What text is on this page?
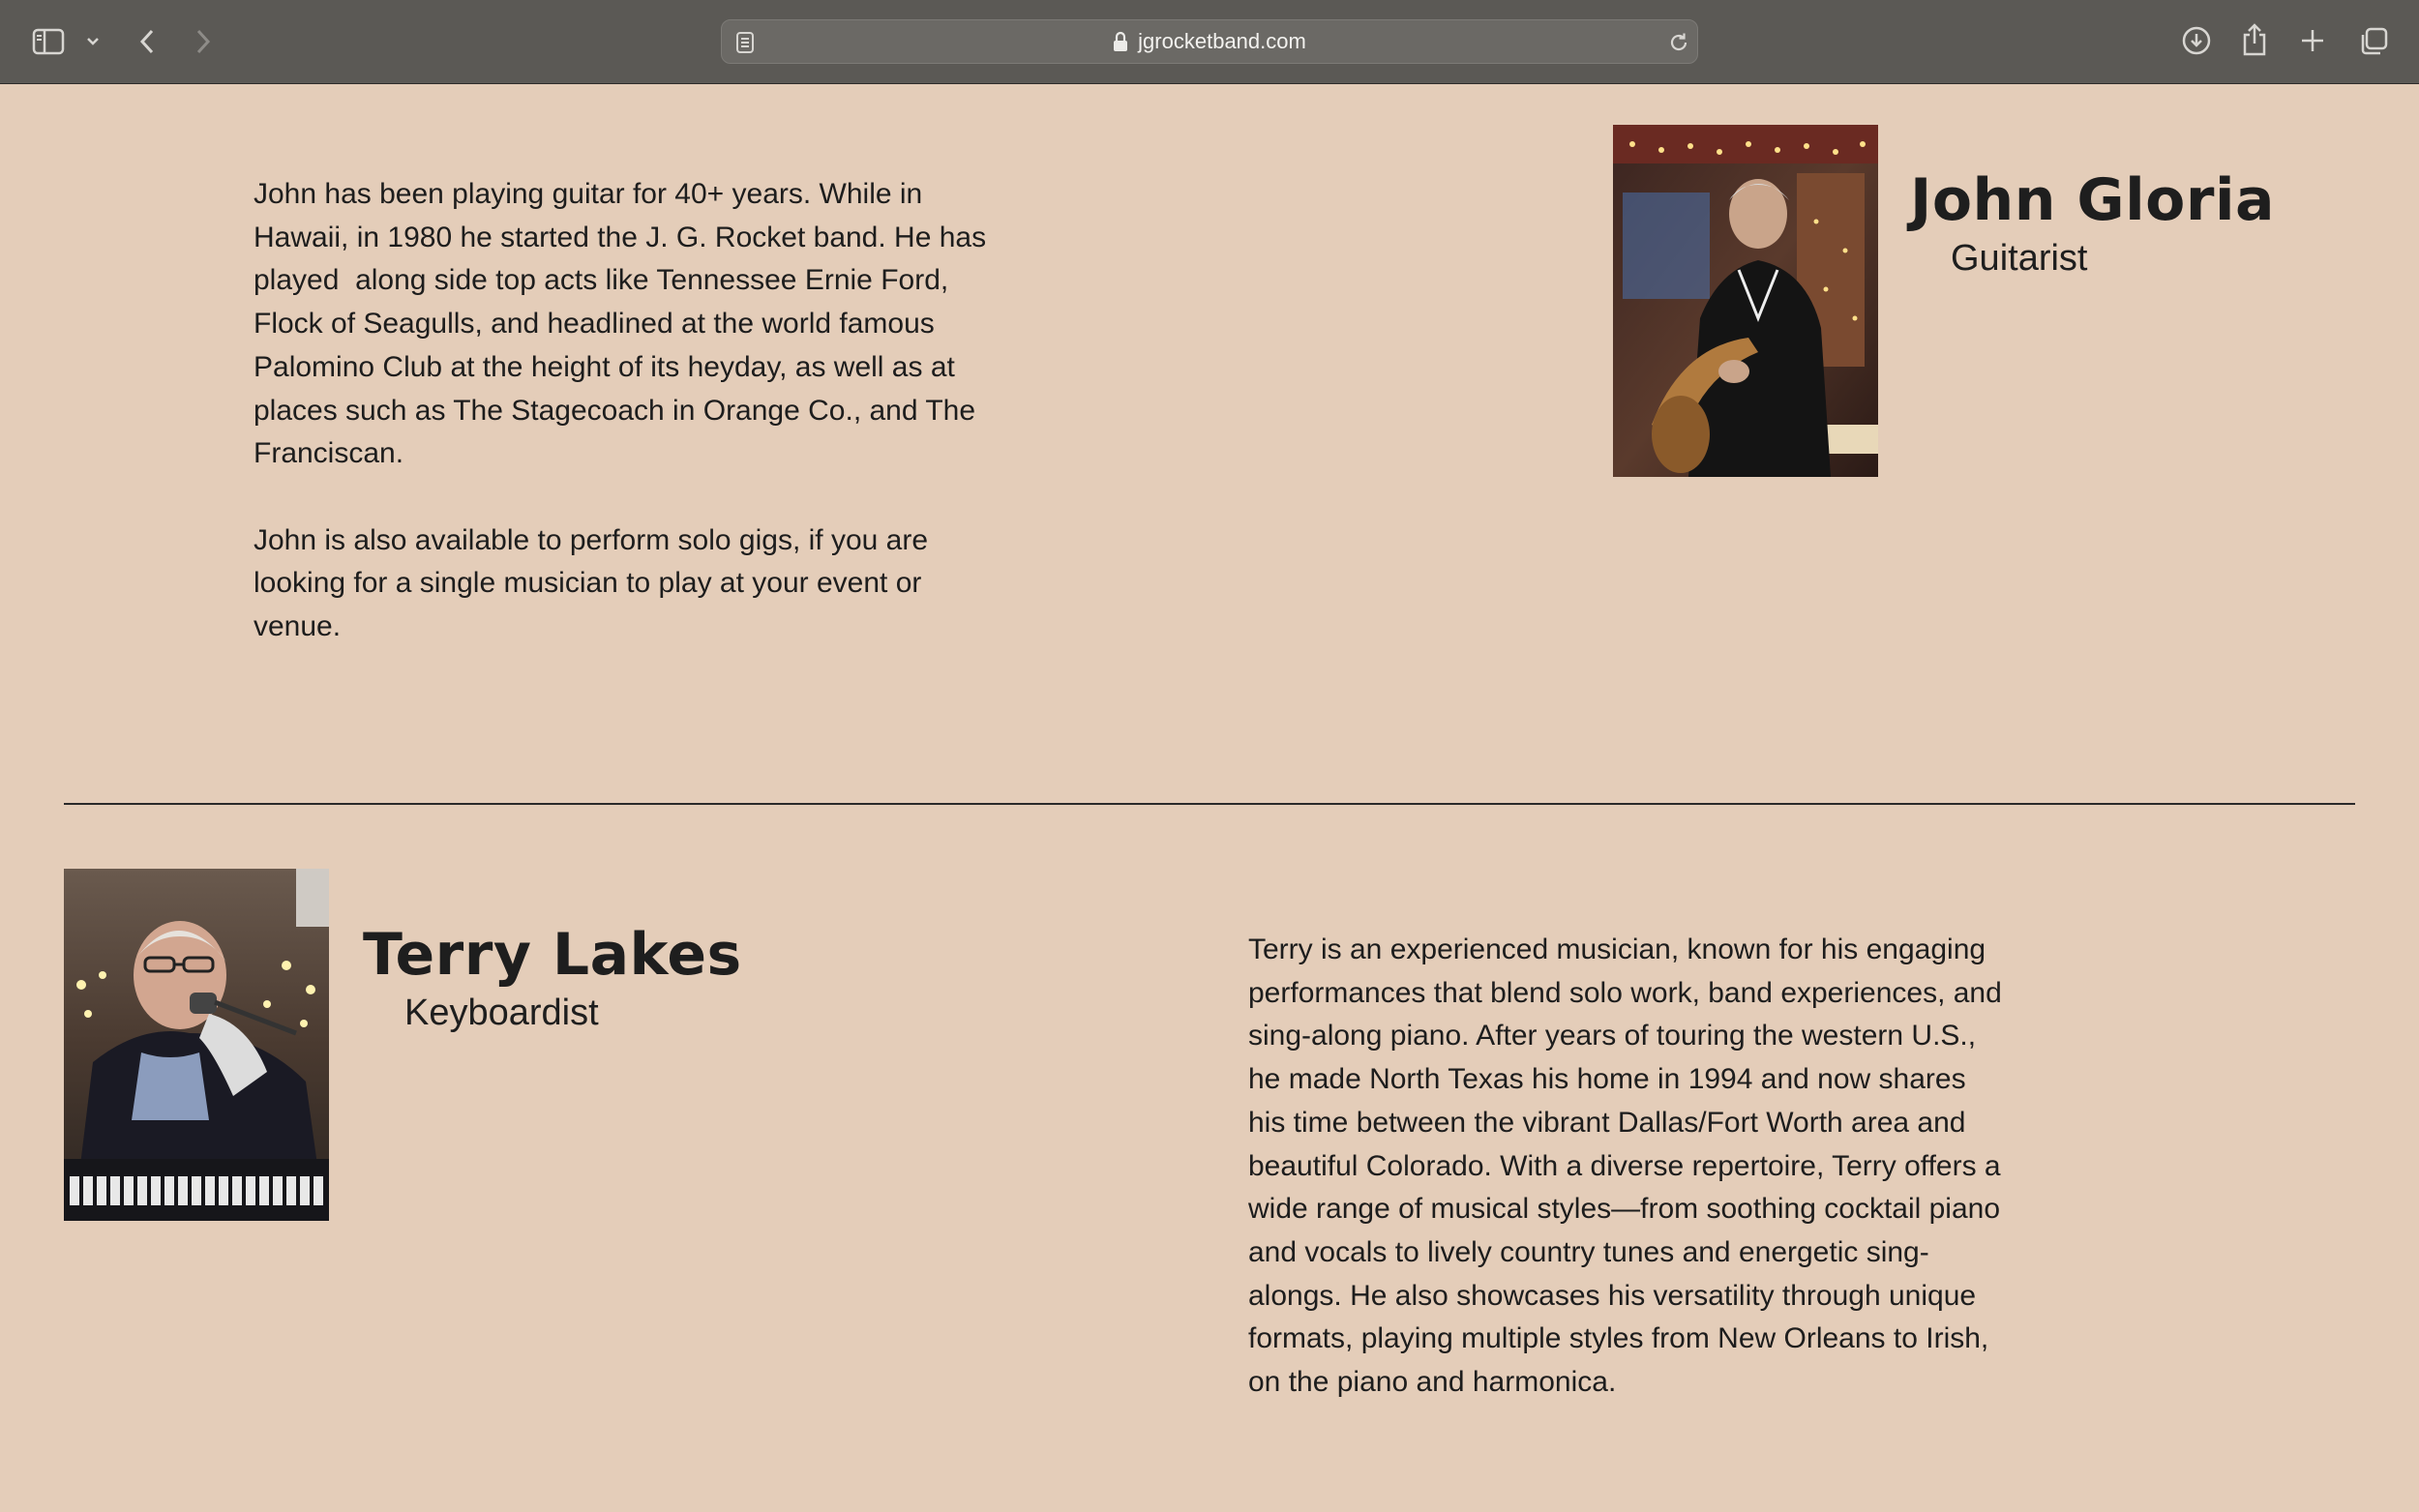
jgrocketband.com

John has been playing guitar for 40+ years. While in Hawaii, in 1980 he started the J. G. Rocket band. He has played  along side top acts like Tennessee Ernie Ford, Flock of Seagulls, and headlined at the world famous Palomino Club at the height of its heyday, as well as at places such as The Stagecoach in Orange Co., and The Franciscan.

John is also available to perform solo gigs, if you are looking for a single musician to play at your event or venue.

John Gloria
Guitarist
Terry Lakes
Keyboardist

Terry is an experienced musician, known for his engaging performances that blend solo work, band experiences, and sing-along piano. After years of touring the western U.S., he made North Texas his home in 1994 and now shares his time between the vibrant Dallas/Fort Worth area and beautiful Colorado. With a diverse repertoire, Terry offers a wide range of musical styles—from soothing cocktail piano and vocals to lively country tunes and energetic sing-alongs. He also showcases his versatility through unique formats, playing multiple styles from New Orleans to Irish, on the piano and harmonica.
